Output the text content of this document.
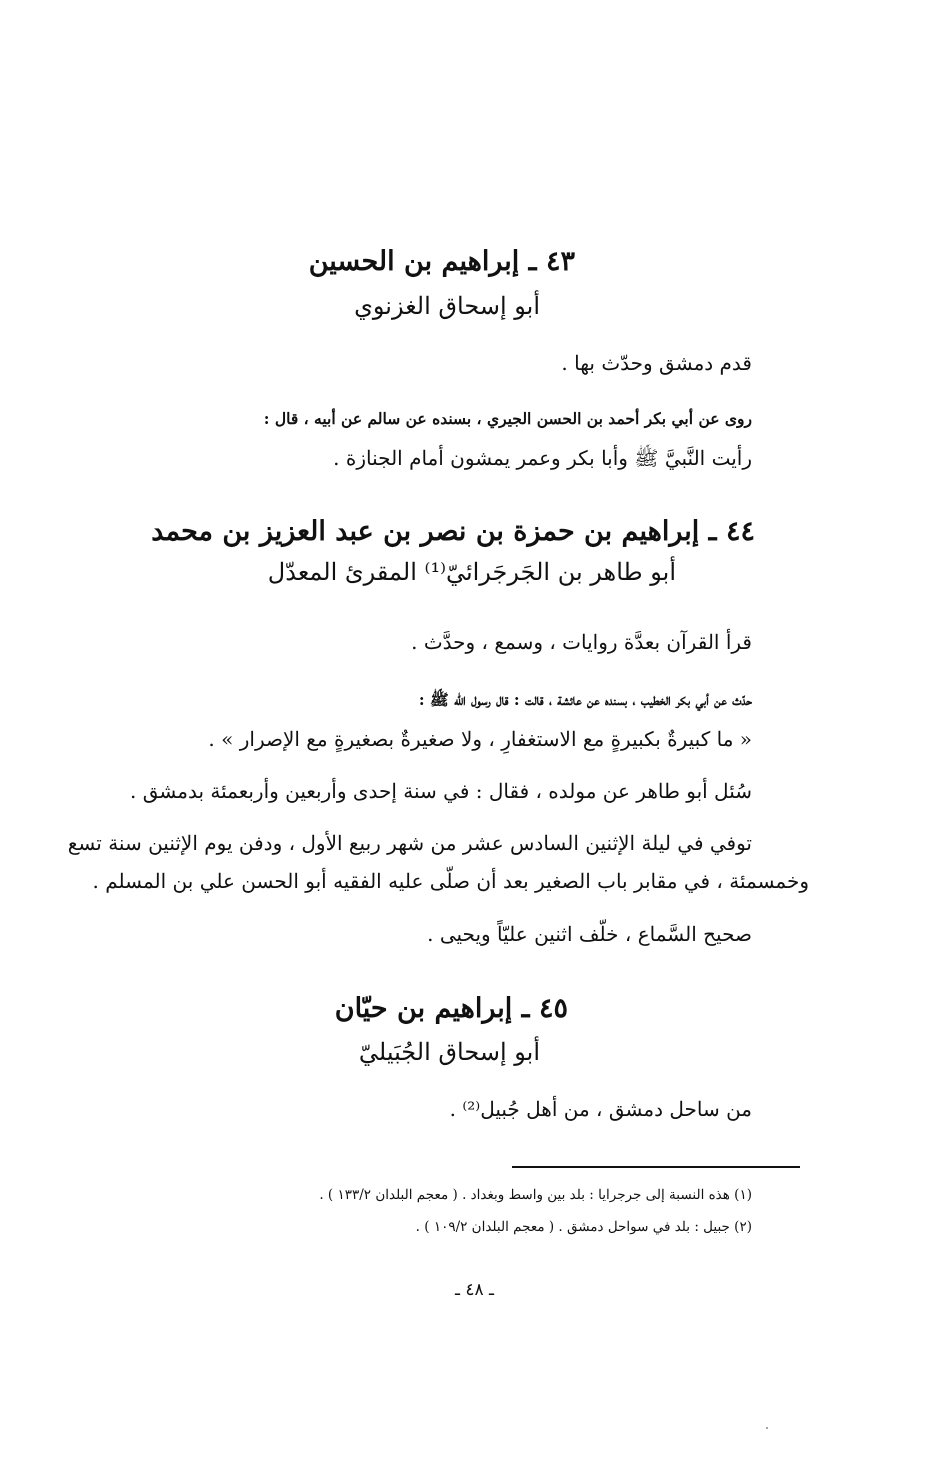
٤٣ ـ إبراهيم بن الحسين
أبو إسحاق الغزنوي
قدم دمشق وحدّث بها .
روى عن أبي بكر أحمد بن الحسن الجيري ، بسنده عن سالم عن أبيه ، قال :
رأيت النَّبيَّ ﷺ وأبا بكر وعمر يمشون أمام الجنازة .
٤٤ ـ إبراهيم بن حمزة بن نصر بن عبد العزيز بن محمد
أبو طاهر بن الجَرجَرائيّ⁽¹⁾ المقرئ المعدّل
قرأ القرآن بعدَّة روايات ، وسمع ، وحدَّث .
حدّث عن أبي بكر الخطيب ، بسنده عن عائشة ، قالت : قال رسول الله ﷺ :
« ما كبيرةٌ بكبيرةٍ مع الاستغفارِ ، ولا صغيرةٌ بصغيرةٍ مع الإصرار » .
سُئل أبو طاهر عن مولده ، فقال : في سنة إحدى وأربعين وأربعمئة بدمشق .
توفي في ليلة الإثنين السادس عشر من شهر ربيع الأول ، ودفن يوم الإثنين سنة تسع
وخمسمئة ، في مقابر باب الصغير بعد أن صلّى عليه الفقيه أبو الحسن علي بن المسلم .
صحيح السَّماع ، خلّف اثنين عليّاً ويحيى .
٤٥ ـ إبراهيم بن حيّان
أبو إسحاق الجُبَيليّ
من ساحل دمشق ، من أهل جُبيل⁽²⁾ .
(١) هذه النسبة إلى جرجرايا : بلد بين واسط وبغداد . ( معجم البلدان ١٣٣/٢ ) .
(٢) جبيل : بلد في سواحل دمشق . ( معجم البلدان ١٠٩/٢ ) .
ـ ٤٨ ـ
